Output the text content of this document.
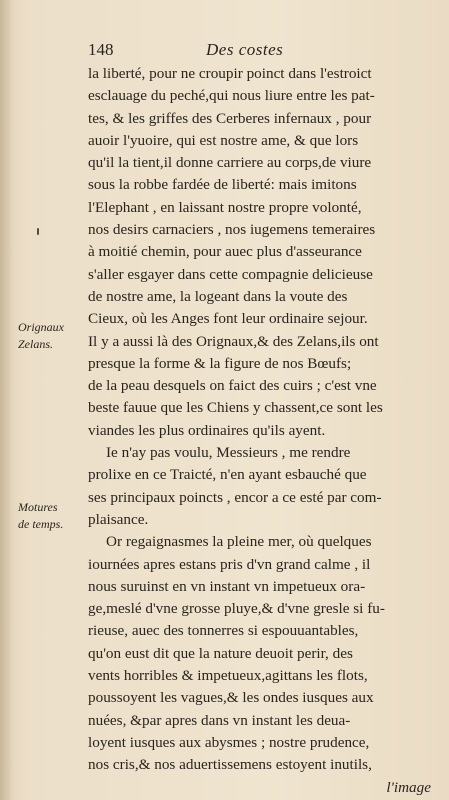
148	Des costes
Orignaux
Zelans.
Motures
de temps.
la liberté, pour ne croupir poinct dans l'estroict
esclauage du peché,qui nous liure entre les pat-
tes, & les griffes des Cerberes infernaux , pour
auoir l'yuoire, qui est nostre ame, & que lors
qu'il la tient,il donne carriere au corps,de viure
sous la robbe fardée de liberté: mais imitons
l'Elephant , en laissant nostre propre volonté,
nos desirs carnaciers , nos iugemens temeraires
à moitié chemin, pour auec plus d'asseurance
s'aller esgayer dans cette compagnie delicieuse
de nostre ame, la logeant dans la voute des
Cieux, où les Anges font leur ordinaire sejour.
Il y a aussi là des Orignaux,& des Zelans,ils ont
presque la forme & la figure de nos Bœufs;
de la peau desquels on faict des cuirs ; c'est vne
beste fauue que les Chiens y chassent,ce sont les
viandes les plus ordinaires qu'ils ayent.
Ie n'ay pas voulu, Messieurs , me rendre
prolixe en ce Traicté, n'en ayant esbauché que
ses principaux poincts , encor a ce esté par com-
plaisance.
Or regaignasmes la pleine mer, où quelques
iournées apres estans pris d'vn grand calme , il
nous suruinst en vn instant vn impetueux ora-
ge,meslé d'vne grosse pluye,& d'vne gresle si fu-
rieuse, auec des tonnerres si espouuantables,
qu'on eust dit que la nature deuoit perir, des
vents horribles & impetueux,agittans les flots,
poussoyent les vagues,& les ondes iusques aux
nuées, &par apres dans vn instant les deua-
loyent iusques aux abysmes ; nostre prudence,
nos cris,& nos aduertissemens estoyent inutils,
l'image
